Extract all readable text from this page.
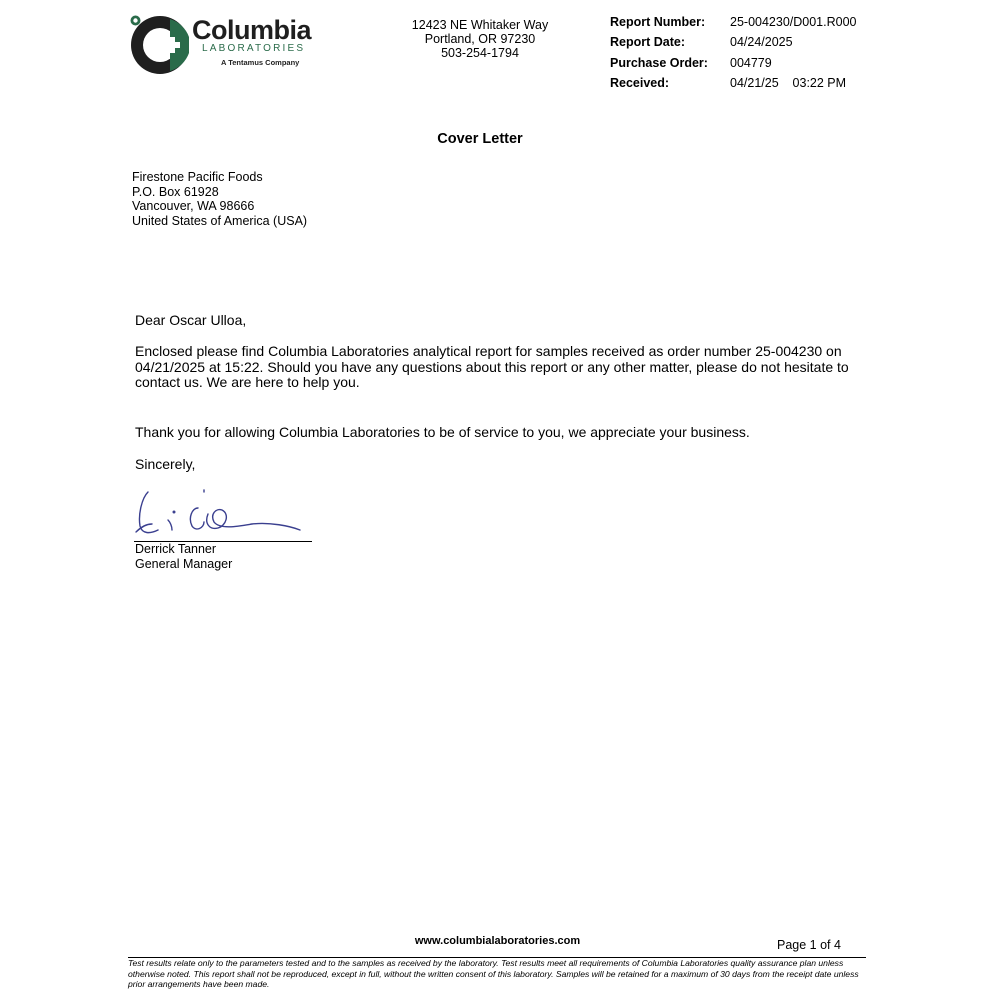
Columbia
LABORATORIES
A Tentamus Company
12423 NE Whitaker Way
Portland, OR 97230
503-254-1794
Report Number: 25-004230/D001.R000
Report Date:	04/24/2025
Purchase Order: 004779
Received:	04/21/25    03:22 PM
Cover Letter
Firestone Pacific Foods
P.O. Box 61928
Vancouver, WA 98666
United States of America (USA)
Dear Oscar Ulloa,
Enclosed please find Columbia Laboratories analytical report for samples received as order number 25-004230 on 04/21/2025 at 15:22. Should you have any questions about this report or any other matter, please do not hesitate to contact us. We are here to help you.
Thank you for allowing Columbia Laboratories to be of service to you, we appreciate your business.
Sincerely,
Derrick Tanner
General Manager
www.columbialaboratories.com	Page 1 of 4
Test results relate only to the parameters tested and to the samples as received by the laboratory. Test results meet all requirements of Columbia Laboratories quality assurance plan unless otherwise noted. This report shall not be reproduced, except in full, without the written consent of this laboratory. Samples will be retained for a maximum of 30 days from the receipt date unless prior arrangements have been made.
